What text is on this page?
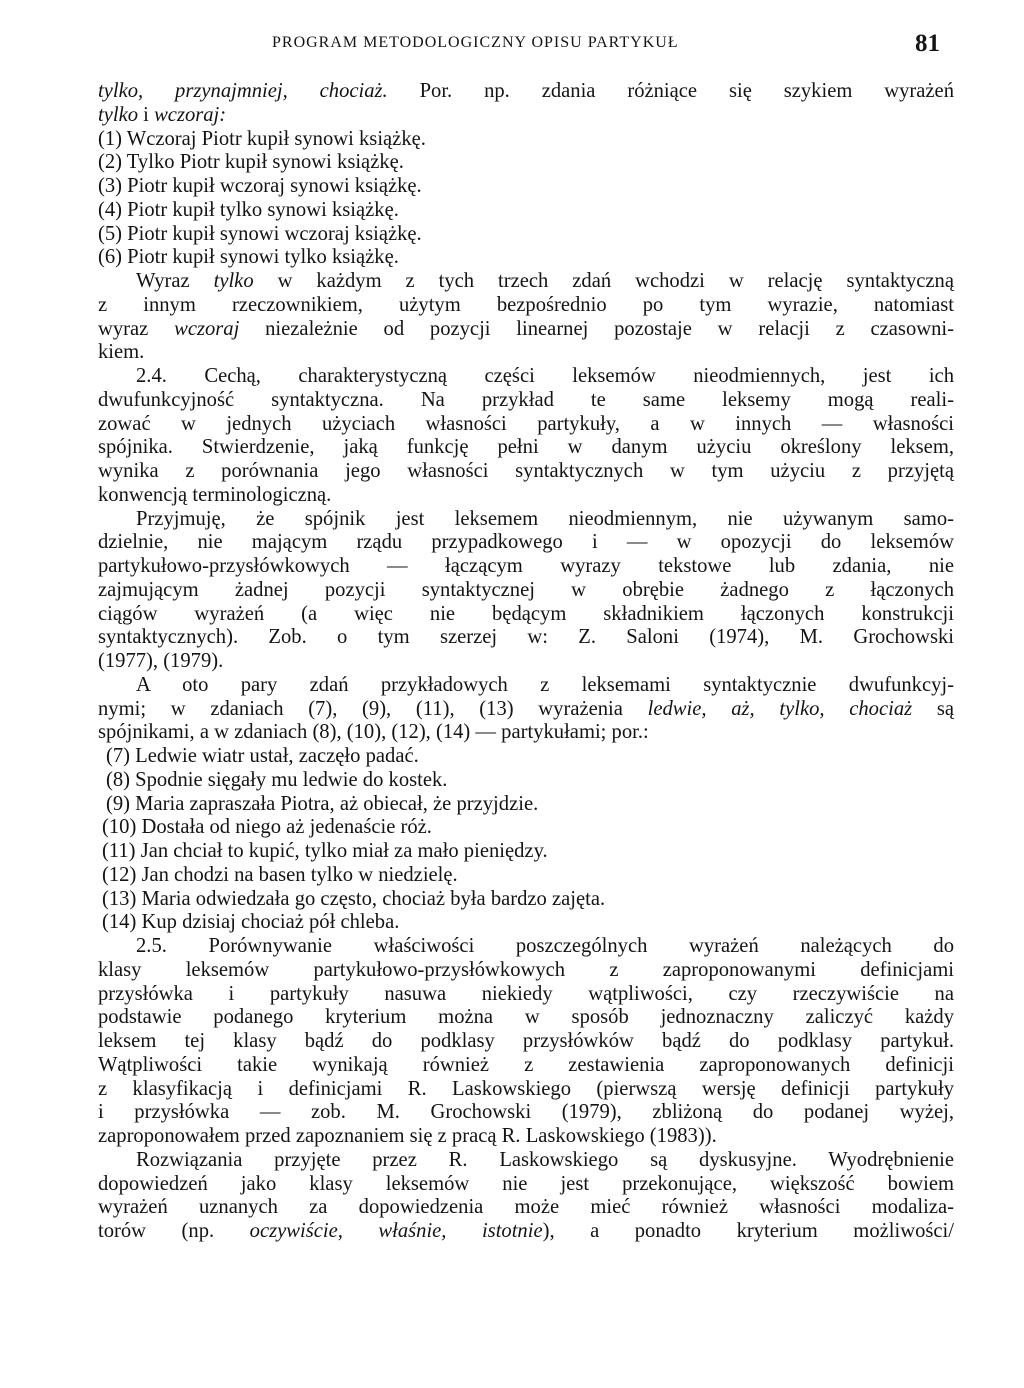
PROGRAM METODOLOGICZNY OPISU PARTYKUŁ	81
tylko, przynajmniej, chociaż. Por. np. zdania różniące się szykiem wyrażeń
tylko i wczoraj:
(1) Wczoraj Piotr kupił synowi książkę.
(2) Tylko Piotr kupił synowi książkę.
(3) Piotr kupił wczoraj synowi książkę.
(4) Piotr kupił tylko synowi książkę.
(5) Piotr kupił synowi wczoraj książkę.
(6) Piotr kupił synowi tylko książkę.
Wyraz tylko w każdym z tych trzech zdań wchodzi w relację syntaktyczną
z innym rzeczownikiem, użytym bezpośrednio po tym wyrazie, natomiast
wyraz wczoraj niezależnie od pozycji linearnej pozostaje w relacji z czasowni-
kiem.
2.4. Cechą, charakterystyczną części leksemów nieodmiennych, jest ich
dwufunkcyjność syntaktyczna. Na przykład te same leksemy mogą reali-
zować w jednych użyciach własności partykuły, a w innych — własności
spójnika. Stwierdzenie, jaką funkcję pełni w danym użyciu określony leksem,
wynika z porównania jego własności syntaktycznych w tym użyciu z przyjętą
konwencją terminologiczną.
Przyjmuję, że spójnik jest leksemem nieodmiennym, nie używanym samo-
dzielnie, nie mającym rządu przypadkowego i — w opozycji do leksemów
partykułowo-przysłówkowych — łączącym wyrazy tekstowe lub zdania, nie
zajmującym żadnej pozycji syntaktycznej w obrębie żadnego z łączonych
ciągów wyrażeń (a więc nie będącym składnikiem łączonych konstrukcji
syntaktycznych). Zob. o tym szerzej w: Z. Saloni (1974), M. Grochowski
(1977), (1979).
A oto pary zdań przykładowych z leksemami syntaktycznie dwufunkcyj-
nymi; w zdaniach (7), (9), (11), (13) wyrażenia ledwie, aż, tylko, chociaż są
spójnikami, a w zdaniach (8), (10), (12), (14) — partykułami; por.:
(7) Ledwie wiatr ustał, zaczęło padać.
(8) Spodnie sięgały mu ledwie do kostek.
(9) Maria zapraszała Piotra, aż obiecał, że przyjdzie.
(10) Dostała od niego aż jedenaście róż.
(11) Jan chciał to kupić, tylko miał za mało pieniędzy.
(12) Jan chodzi na basen tylko w niedzielę.
(13) Maria odwiedzała go często, chociaż była bardzo zajęta.
(14) Kup dzisiaj chociaż pół chleba.
2.5. Porównywanie właściwości poszczególnych wyrażeń należących do
klasy leksemów partykułowo-przysłówkowych z zaproponowanymi definicjami
przysłówka i partykuły nasuwa niekiedy wątpliwości, czy rzeczywiście na
podstawie podanego kryterium można w sposób jednoznaczny zaliczyć każdy
leksem tej klasy bądź do podklasy przysłówków bądź do podklasy partykuł.
Wątpliwości takie wynikają również z zestawienia zaproponowanych definicji
z klasyfikacją i definicjami R. Laskowskiego (pierwszą wersję definicji partykuły
i przysłówka — zob. M. Grochowski (1979), zbliżoną do podanej wyżej,
zaproponowałem przed zapoznaniem się z pracą R. Laskowskiego (1983)).
Rozwiązania przyjęte przez R. Laskowskiego są dyskusyjne. Wyodrębnienie
dopowiedzeń jako klasy leksemów nie jest przekonujące, większość bowiem
wyrażeń uznanych za dopowiedzenia może mieć również własności modaliza-
torów (np. oczywiście, właśnie, istotnie), a ponadto kryterium możliwości/
